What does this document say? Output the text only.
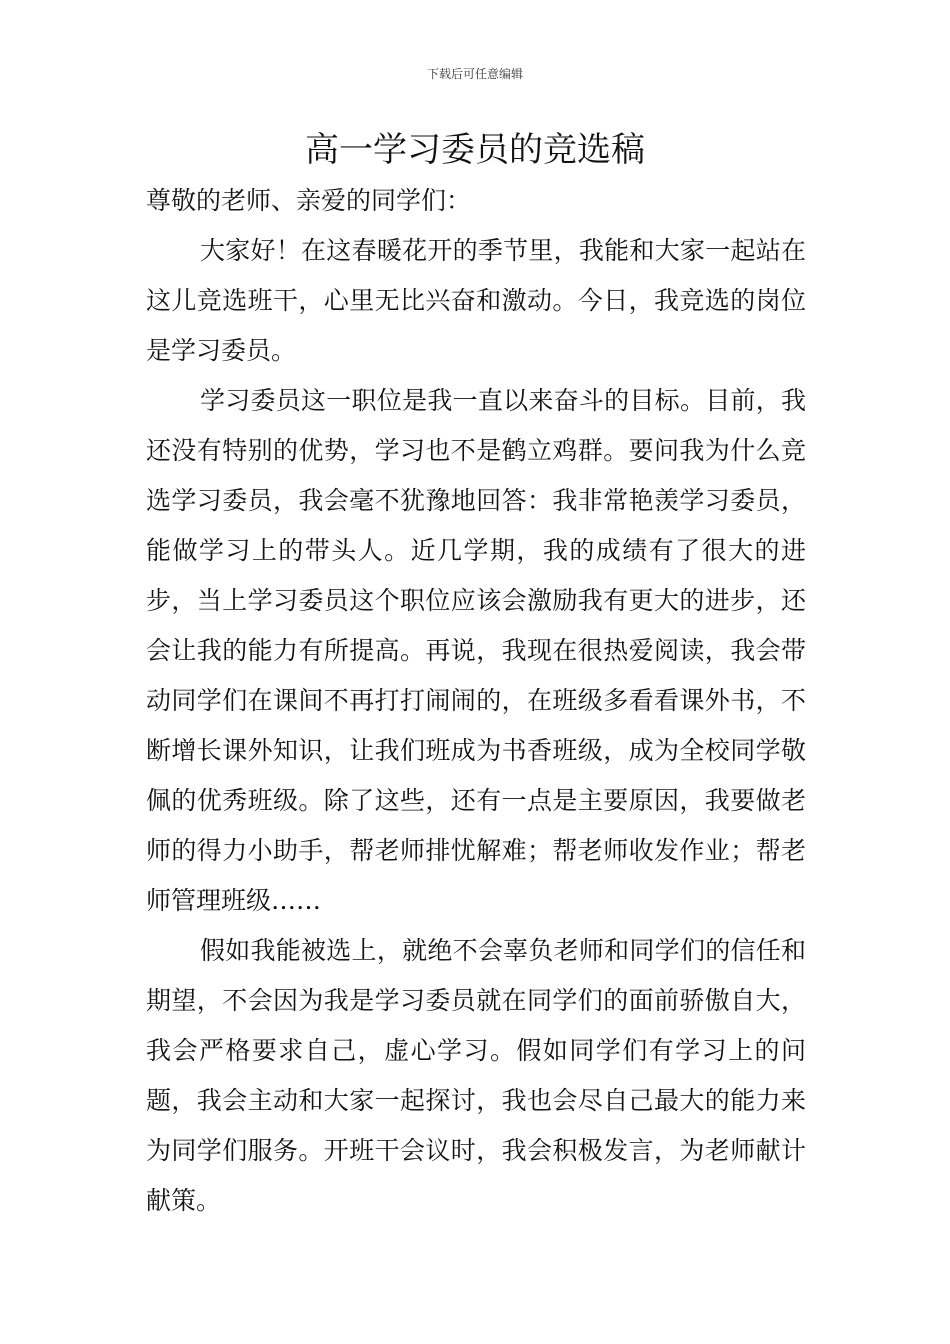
下载后可任意编辑
高一学习委员的竞选稿

尊敬的老师、亲爱的同学们：

大家好！在这春暖花开的季节里，我能和大家一起站在这儿竞选班干，心里无比兴奋和激动。今日，我竞选的岗位是学习委员。

学习委员这一职位是我一直以来奋斗的目标。目前，我还没有特别的优势，学习也不是鹤立鸡群。要问我为什么竞选学习委员，我会毫不犹豫地回答：我非常艳羡学习委员，能做学习上的带头人。近几学期，我的成绩有了很大的进步，当上学习委员这个职位应该会激励我有更大的进步，还会让我的能力有所提高。再说，我现在很热爱阅读，我会带动同学们在课间不再打打闹闹的，在班级多看看课外书，不断增长课外知识，让我们班成为书香班级，成为全校同学敬佩的优秀班级。除了这些，还有一点是主要原因，我要做老师的得力小助手，帮老师排忧解难；帮老师收发作业；帮老师管理班级……

假如我能被选上，就绝不会辜负老师和同学们的信任和期望，不会因为我是学习委员就在同学们的面前骄傲自大，我会严格要求自己，虚心学习。假如同学们有学习上的问题，我会主动和大家一起探讨，我也会尽自己最大的能力来为同学们服务。开班干会议时，我会积极发言，为老师献计献策。
